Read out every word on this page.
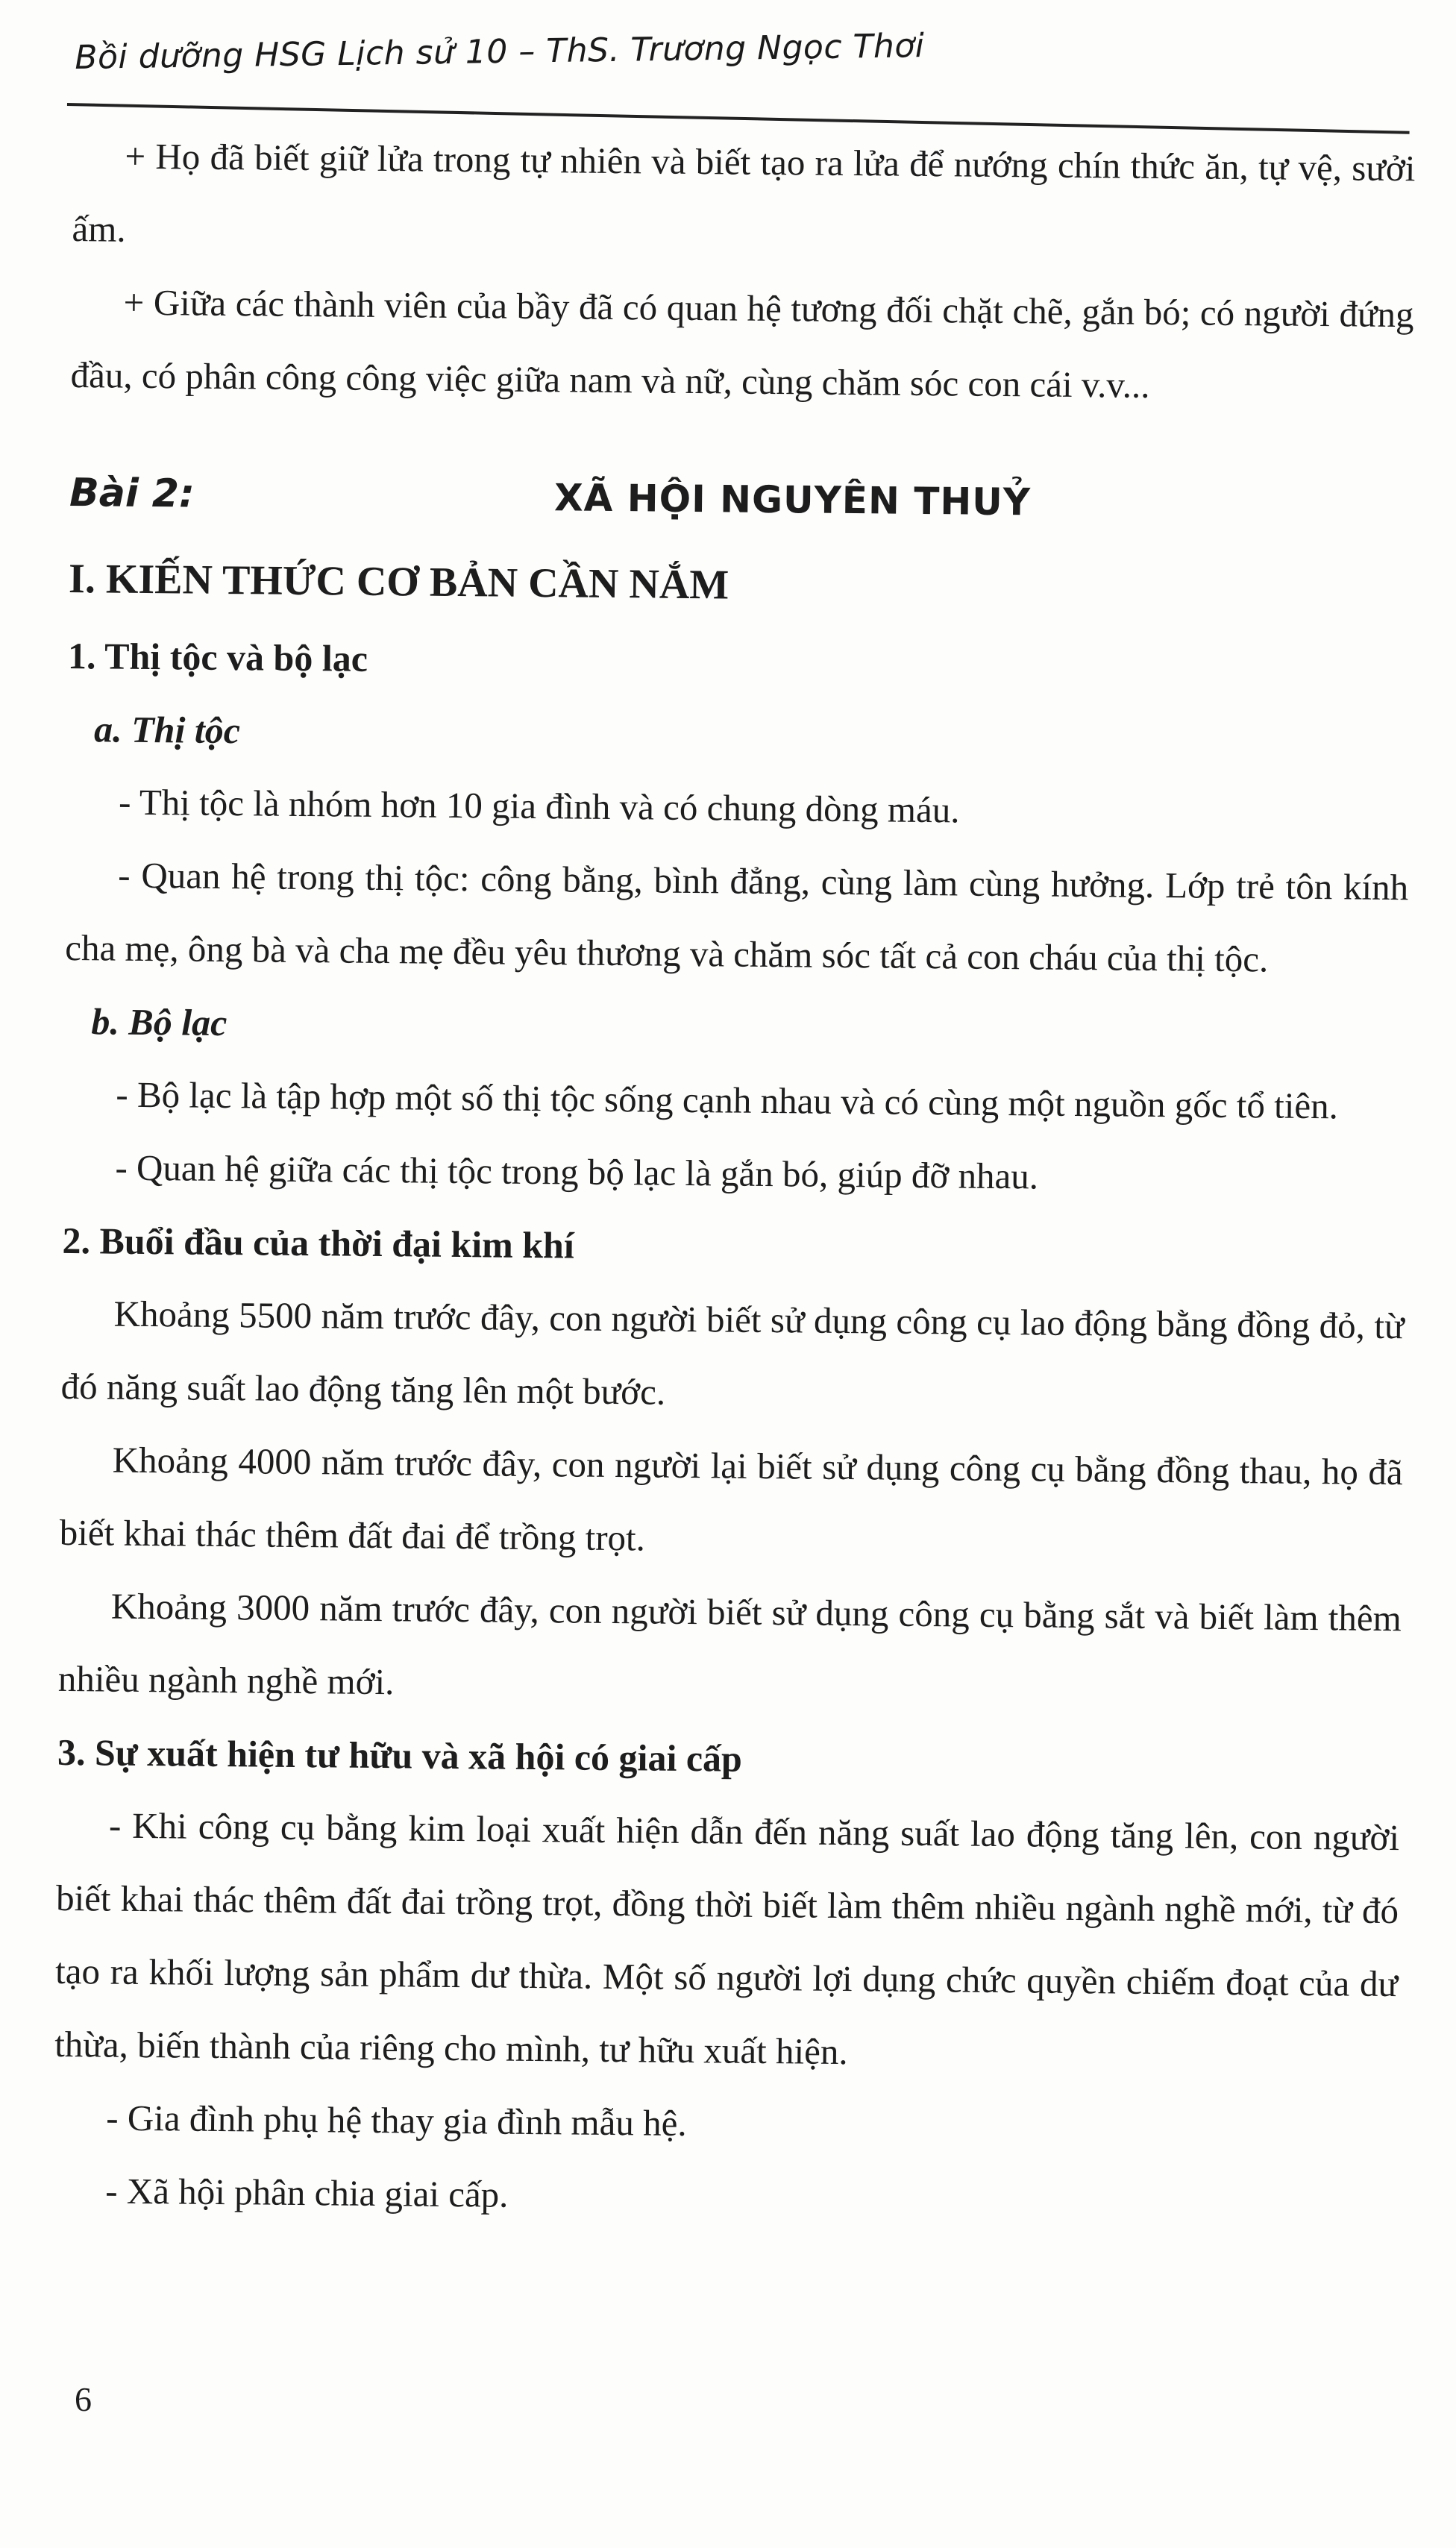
Bồi dưỡng HSG Lịch sử 10 – ThS. Trương Ngọc Thơi

+ Họ đã biết giữ lửa trong tự nhiên và biết tạo ra lửa để nướng chín thức ăn, tự vệ, sưởi ấm.

+ Giữa các thành viên của bầy đã có quan hệ tương đối chặt chẽ, gắn bó; có người đứng đầu, có phân công công việc giữa nam và nữ, cùng chăm sóc con cái v.v...

Bài 2:	XÃ HỘI NGUYÊN THUỶ

I. KIẾN THỨC CƠ BẢN CẦN NẮM

1. Thị tộc và bộ lạc

a. Thị tộc

- Thị tộc là nhóm hơn 10 gia đình và có chung dòng máu.

- Quan hệ trong thị tộc: công bằng, bình đẳng, cùng làm cùng hưởng. Lớp trẻ tôn kính cha mẹ, ông bà và cha mẹ đều yêu thương và chăm sóc tất cả con cháu của thị tộc.

b. Bộ lạc

- Bộ lạc là tập hợp một số thị tộc sống cạnh nhau và có cùng một nguồn gốc tổ tiên.

- Quan hệ giữa các thị tộc trong bộ lạc là gắn bó, giúp đỡ nhau.

2. Buổi đầu của thời đại kim khí

Khoảng 5500 năm trước đây, con người biết sử dụng công cụ lao động bằng đồng đỏ, từ đó năng suất lao động tăng lên một bước.

Khoảng 4000 năm trước đây, con người lại biết sử dụng công cụ bằng đồng thau, họ đã biết khai thác thêm đất đai để trồng trọt.

Khoảng 3000 năm trước đây, con người biết sử dụng công cụ bằng sắt và biết làm thêm nhiều ngành nghề mới.

3. Sự xuất hiện tư hữu và xã hội có giai cấp

- Khi công cụ bằng kim loại xuất hiện dẫn đến năng suất lao động tăng lên, con người biết khai thác thêm đất đai trồng trọt, đồng thời biết làm thêm nhiều ngành nghề mới, từ đó tạo ra khối lượng sản phẩm dư thừa. Một số người lợi dụng chức quyền chiếm đoạt của dư thừa, biến thành của riêng cho mình, tư hữu xuất hiện.

- Gia đình phụ hệ thay gia đình mẫu hệ.

- Xã hội phân chia giai cấp.

6
